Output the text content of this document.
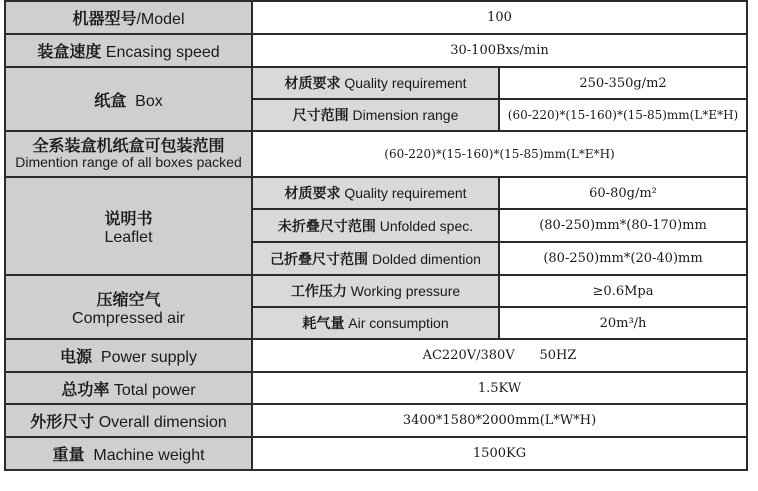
机器型号/Model	100	
装盒速度 Encasing speed	30-100Bxs/min	
纸盒 Box	材质要求 Quality requirement	250-350g/m2
	尺寸范围 Dimension range	(60-220)*(15-160)*(15-85)mm(L*E*H)

全系装盒机纸盒可包装范围
Dimention range of all boxes packed	(60-220)*(15-160)*(15-85)mm(L*E*H)	

说明书
Leaflet	材质要求 Quality requirement	60-80g/m²
	未折叠尺寸范围 Unfolded spec.	(80-250)mm*(80-170)mm
	己折叠尺寸范围 Dolded dimention	(80-250)mm*(20-40)mm

压缩空气
Compressed air	工作压力 Working pressure	≥0.6Mpa
	耗气量 Air consumption	20m³/h
电源 Power supply	AC220V/380V      50HZ	
总功率 Total power	1.5KW	
外形尺寸 Overall dimension	3400*1580*2000mm(L*W*H)	
重量 Machine weight	1500KG	
